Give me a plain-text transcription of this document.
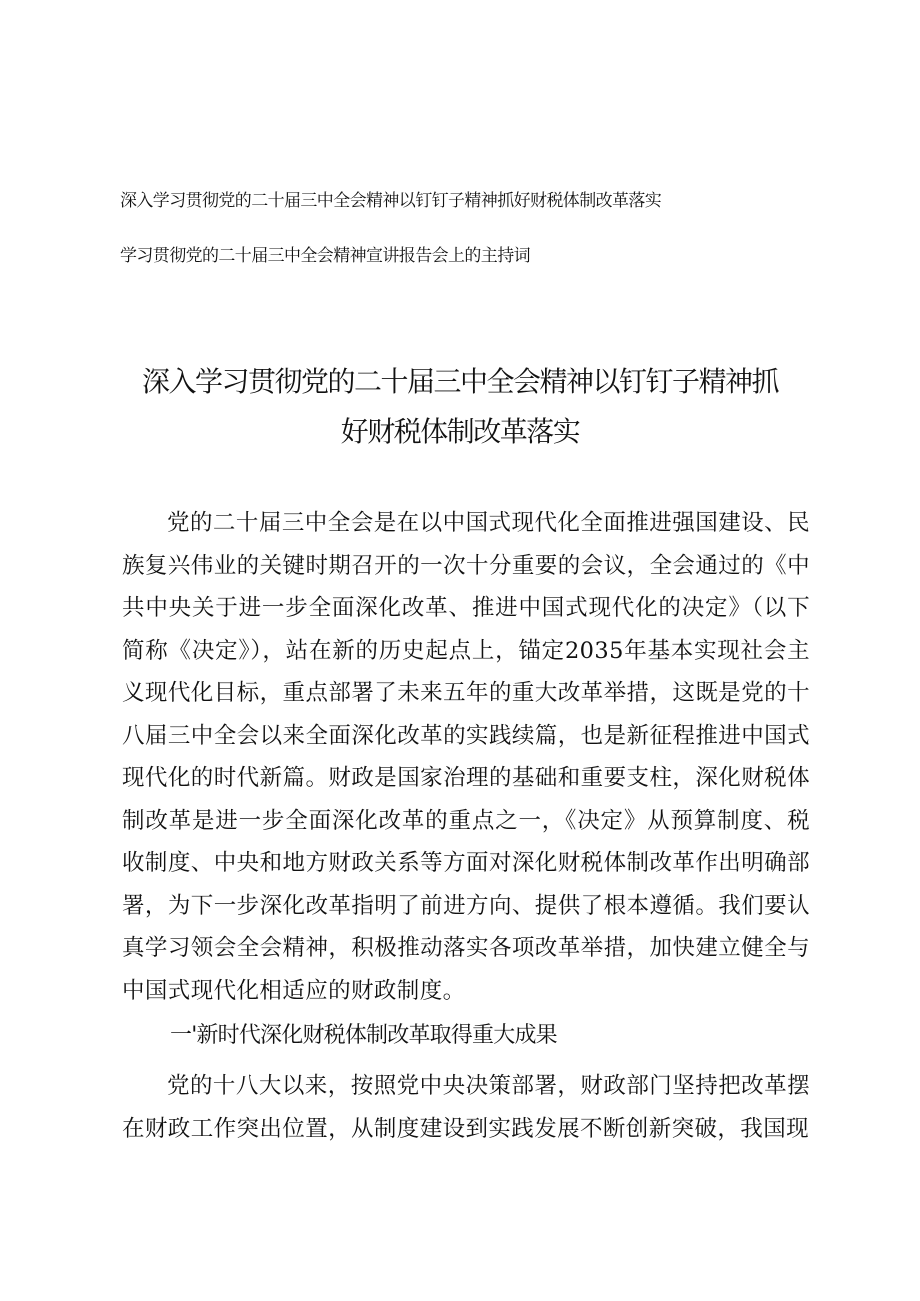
深入学习贯彻党的二十届三中全会精神以钉钉子精神抓好财税体制改革落实
学习贯彻党的二十届三中全会精神宣讲报告会上的主持词
深入学习贯彻党的二十届三中全会精神以钉钉子精神抓
好财税体制改革落实

党的二十届三中全会是在以中国式现代化全面推进强国建设、民族复兴伟业的关键时期召开的一次十分重要的会议，全会通过的《中共中央关于进一步全面深化改革、推进中国式现代化的决定》（以下简称《决定》），站在新的历史起点上，锚定2035年基本实现社会主义现代化目标，重点部署了未来五年的重大改革举措，这既是党的十八届三中全会以来全面深化改革的实践续篇，也是新征程推进中国式现代化的时代新篇。财政是国家治理的基础和重要支柱，深化财税体制改革是进一步全面深化改革的重点之一，《决定》从预算制度、税收制度、中央和地方财政关系等方面对深化财税体制改革作出明确部署，为下一步深化改革指明了前进方向、提供了根本遵循。我们要认真学习领会全会精神，积极推动落实各项改革举措，加快建立健全与中国式现代化相适应的财政制度。

一'新时代深化财税体制改革取得重大成果

党的十八大以来，按照党中央决策部署，财政部门坚持把改革摆在财政工作突出位置，从制度建设到实践发展不断创新突破，我国现
